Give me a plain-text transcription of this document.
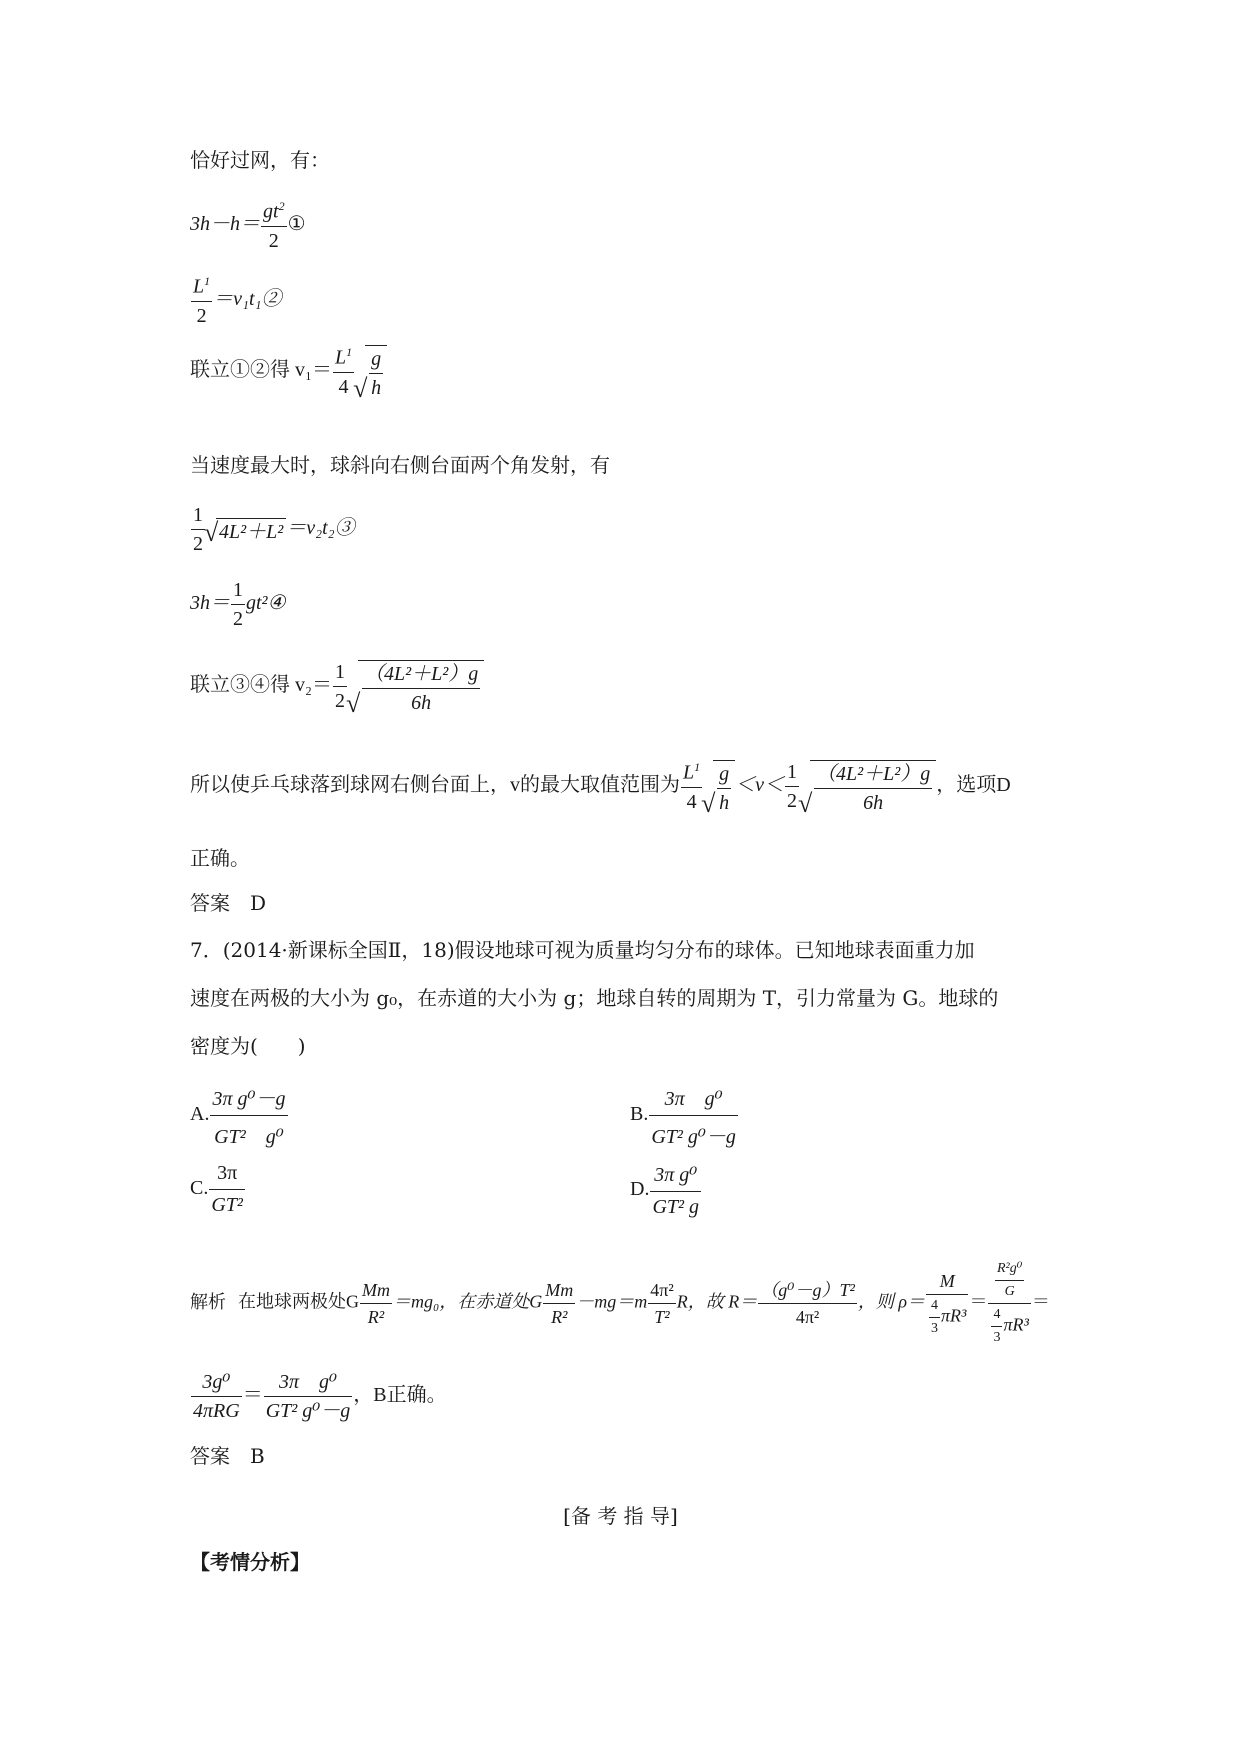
恰好过网，有：
$3h-h= \frac{gt^2}{2}$ ①
$\frac{L^1}{2}$ ＝v₁t₁②
联立①②得 $v_1= \frac{L^1}{4}$ √ $\frac{g}{h}$
当速度最大时，球斜向右侧台面两个角发射，有
$\frac{1}{2}$ √ 4L²＋L² ＝v₂t₂③
$3h= \frac{1}{2}$ gt²④
联立③④得 $v_2= \frac{1}{2}$ √ $\frac{\text{（4L²＋L²）g}}{6h}$
所以使乒乓球落到球网右侧台面上，v的最大取值范围为 $\frac{L^1}{4}$ √ $\frac{g}{h} <v< \frac{1}{2}$ √ $\frac{\text{（4L²＋L²）g}}{6h}$ ，选项D
正确。
答案　D
7．(2014·新课标全国Ⅱ，18)假设地球可视为质量均匀分布的球体。已知地球表面重力加
速度在两极的大小为 g₀，在赤道的大小为 g；地球自转的周期为 T，引力常量为 G。地球的
密度为(　　)
A. $\frac{\text{3π g⁰－g}}{\text{GT²　g⁰}}$	B. $\frac{\text{3π　g⁰}}{\text{GT² g⁰－g}}$
C. $\frac{3\pi}{\text{GT²}}$	D. $\frac{\text{3π g⁰}}{\text{GT² g}}$
解析 在地球两极处G $\frac{Mm}{\text{R²}} =mg_0$，在赤道处G $\frac{Mm}{\text{R²}} -mg=m \frac{\text{4π²}}{\text{T²}}$ R，故 $R= \frac{\text{（g⁰－g）T²}}{\text{4π²}}$ ，则 $\rho= \frac{M}{\frac{4}{3} \pi R^3} = \frac{\frac{\text{R²g⁰}}{G}}{\frac{4}{3} \pi R^3}$ ＝
$\frac{\text{3g⁰}}{\text{4πRG}} = \frac{\text{3π　g⁰}}{\text{GT² g⁰－g}}$ ，B正确。
答案　B
[备 考 指 导]
【考情分析】
